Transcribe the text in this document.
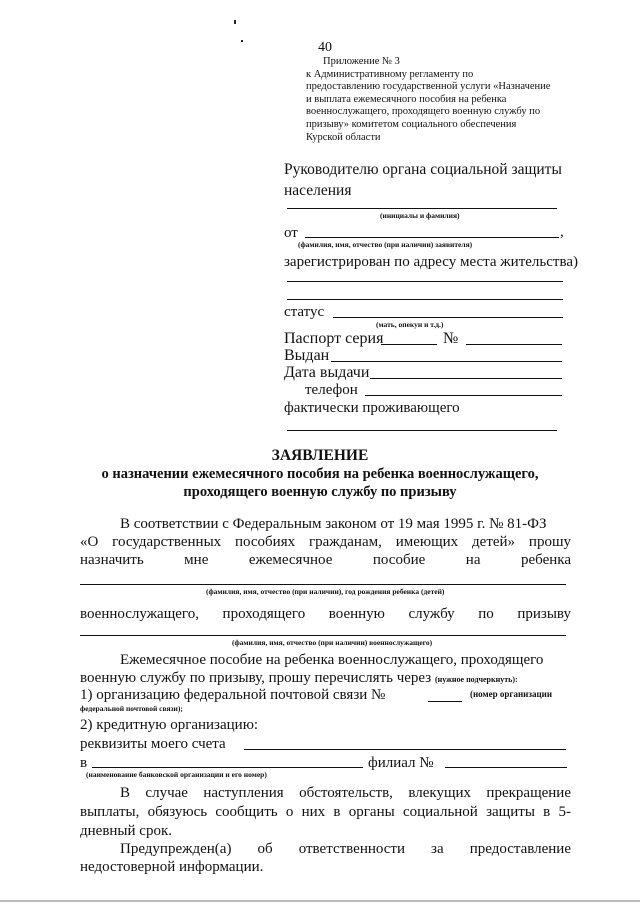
40
Приложение № 3
к Административному регламенту по
предоставлению государственной услуги «Назначение
и выплата ежемесячного пособия на ребенка
военнослужащего, проходящего военную службу по
призыву» комитетом социального обеспечения
Курской области
Руководителю органа социальной защиты
населения
(инициалы и фамилия)
от	,
(фамилия, имя, отчество (при наличии) заявителя)
зарегистрирован по адресу места жительства)
статус
(мать, опекун и т.д.)
Паспорт серия	№
Выдан
Дата выдачи
телефон
фактически проживающего
ЗАЯВЛЕНИЕ
о назначении ежемесячного пособия на ребенка военнослужащего,
проходящего военную службу по призыву
В соответствии с Федеральным законом от 19 мая 1995 г. № 81-ФЗ
«О государственных пособиях гражданам, имеющих детей» прошу
назначить мне ежемесячное пособие на ребенка
(фамилия, имя, отчество (при наличии), год рождения ребенка (детей)
военнослужащего, проходящего военную службу по призыву
(фамилия, имя, отчество (при наличии) военнослужащего)
Ежемесячное пособие на ребенка военнослужащего, проходящего
военную службу по призыву, прошу перечислять через (нужное подчеркнуть):
1) организацию федеральной почтовой связи №	(номер организации
федеральной почтовой связи);
2) кредитную организацию:
реквизиты моего счета
в	филиал №
(наименование банковской организации и его номер)
В случае наступления обстоятельств, влекущих прекращение
выплаты, обязуюсь сообщить о них в органы социальной защиты в 5-
дневный срок.
Предупрежден(а) об ответственности за предоставление
недостоверной информации.
